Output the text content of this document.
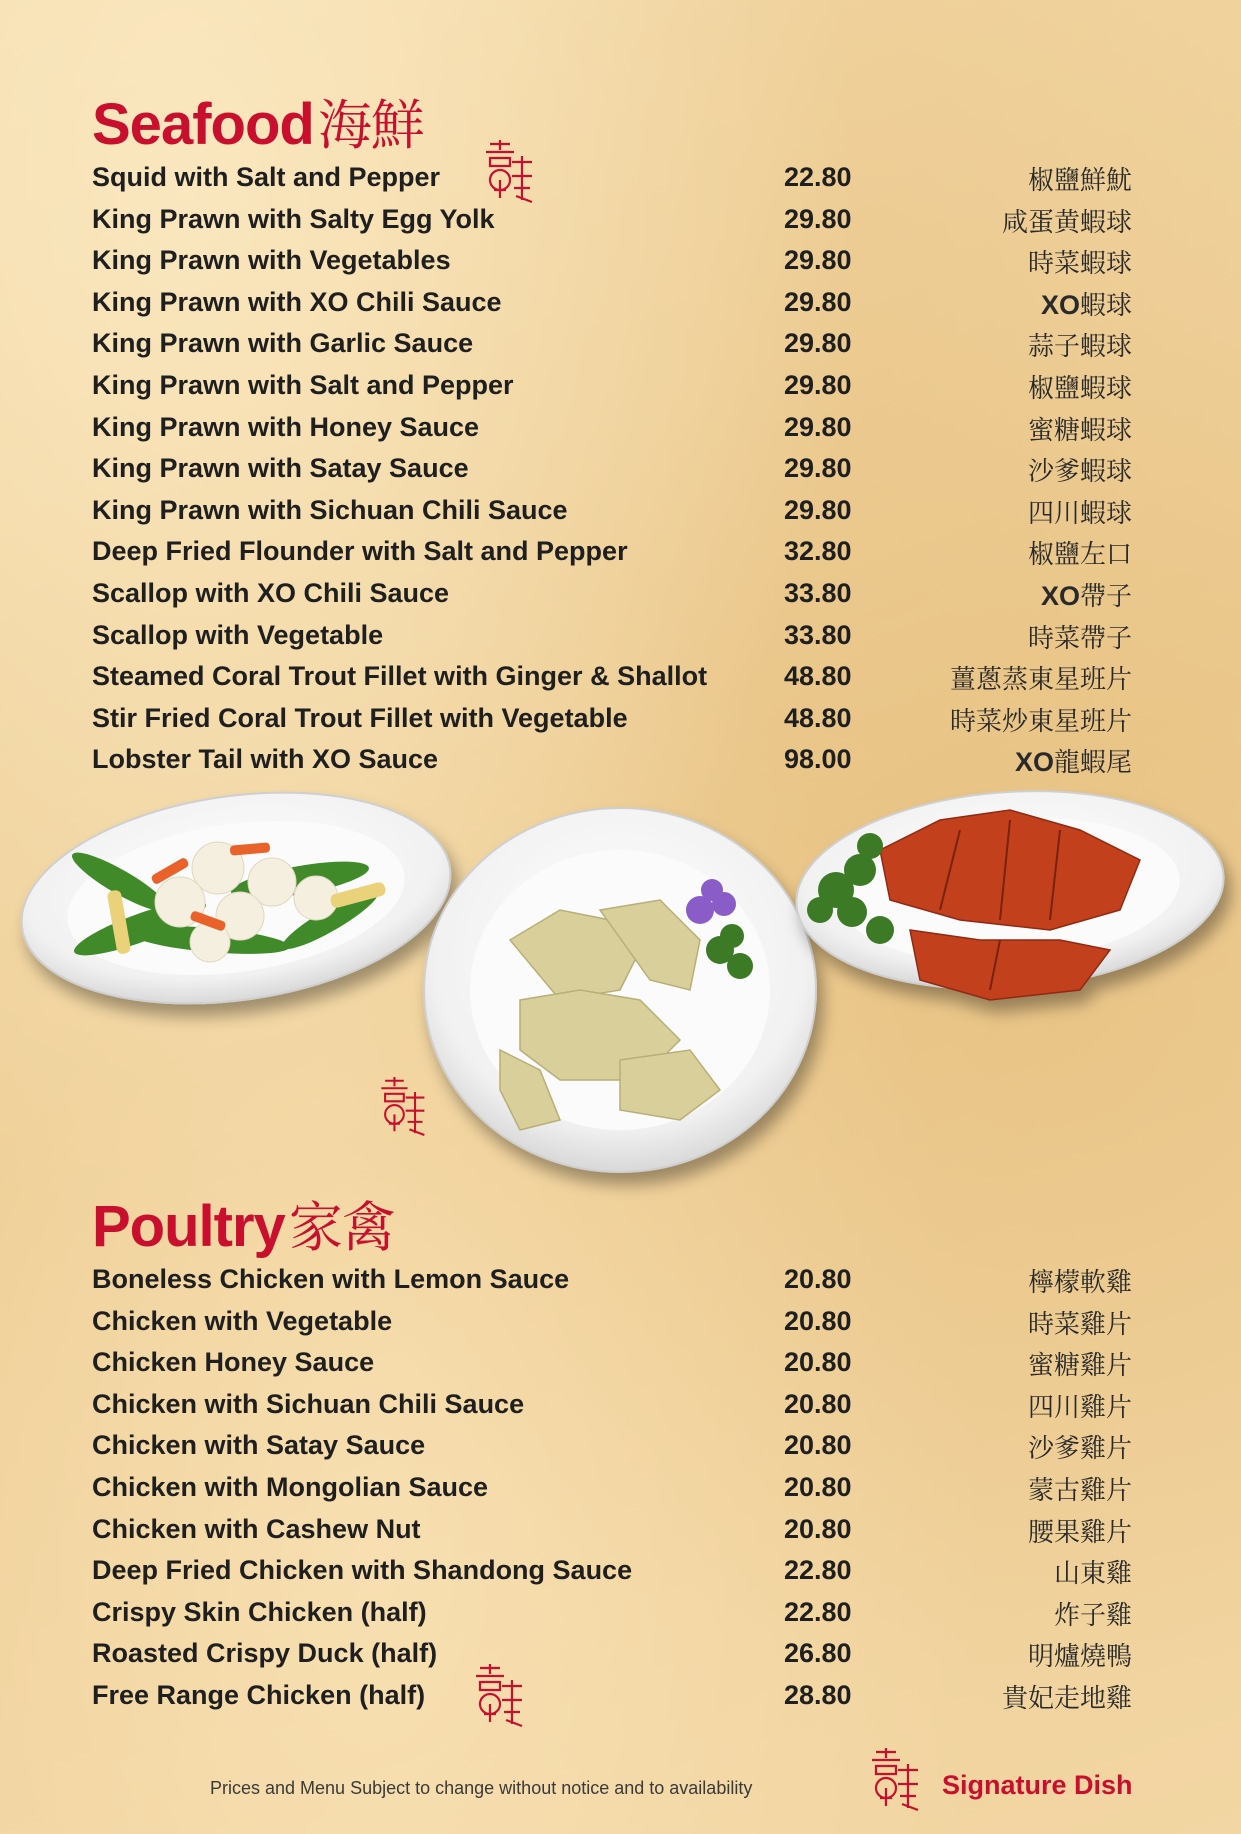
Seafood海鮮
Squid with Salt and Pepper	22.80	椒鹽鮮魷
King Prawn with Salty Egg Yolk	29.80	咸蛋黄蝦球
King Prawn with Vegetables	29.80	時菜蝦球
King Prawn with XO Chili Sauce	29.80	XO蝦球
King Prawn with Garlic Sauce	29.80	蒜子蝦球
King Prawn with Salt and Pepper	29.80	椒鹽蝦球
King Prawn with Honey Sauce	29.80	蜜糖蝦球
King Prawn with Satay Sauce	29.80	沙爹蝦球
King Prawn with Sichuan Chili Sauce	29.80	四川蝦球
Deep Fried Flounder with Salt and Pepper	32.80	椒鹽左口
Scallop with XO Chili Sauce	33.80	XO帶子
Scallop with Vegetable	33.80	時菜帶子
Steamed Coral Trout Fillet with Ginger & Shallot	48.80	薑蔥蒸東星班片
Stir Fried Coral Trout Fillet with Vegetable	48.80	時菜炒東星班片
Lobster Tail with XO Sauce	98.00	XO龍蝦尾
Poultry家禽
Boneless Chicken with Lemon Sauce	20.80	檸檬軟雞
Chicken with Vegetable	20.80	時菜雞片
Chicken Honey Sauce	20.80	蜜糖雞片
Chicken with Sichuan Chili Sauce	20.80	四川雞片
Chicken with Satay Sauce	20.80	沙爹雞片
Chicken with Mongolian Sauce	20.80	蒙古雞片
Chicken with Cashew Nut	20.80	腰果雞片
Deep Fried Chicken with Shandong Sauce	22.80	山東雞
Crispy Skin Chicken (half)	22.80	炸子雞
Roasted Crispy Duck (half)	26.80	明爐燒鴨
Free Range Chicken (half)	28.80	貴妃走地雞
Prices and Menu Subject to change without notice and to availability	Signature Dish
